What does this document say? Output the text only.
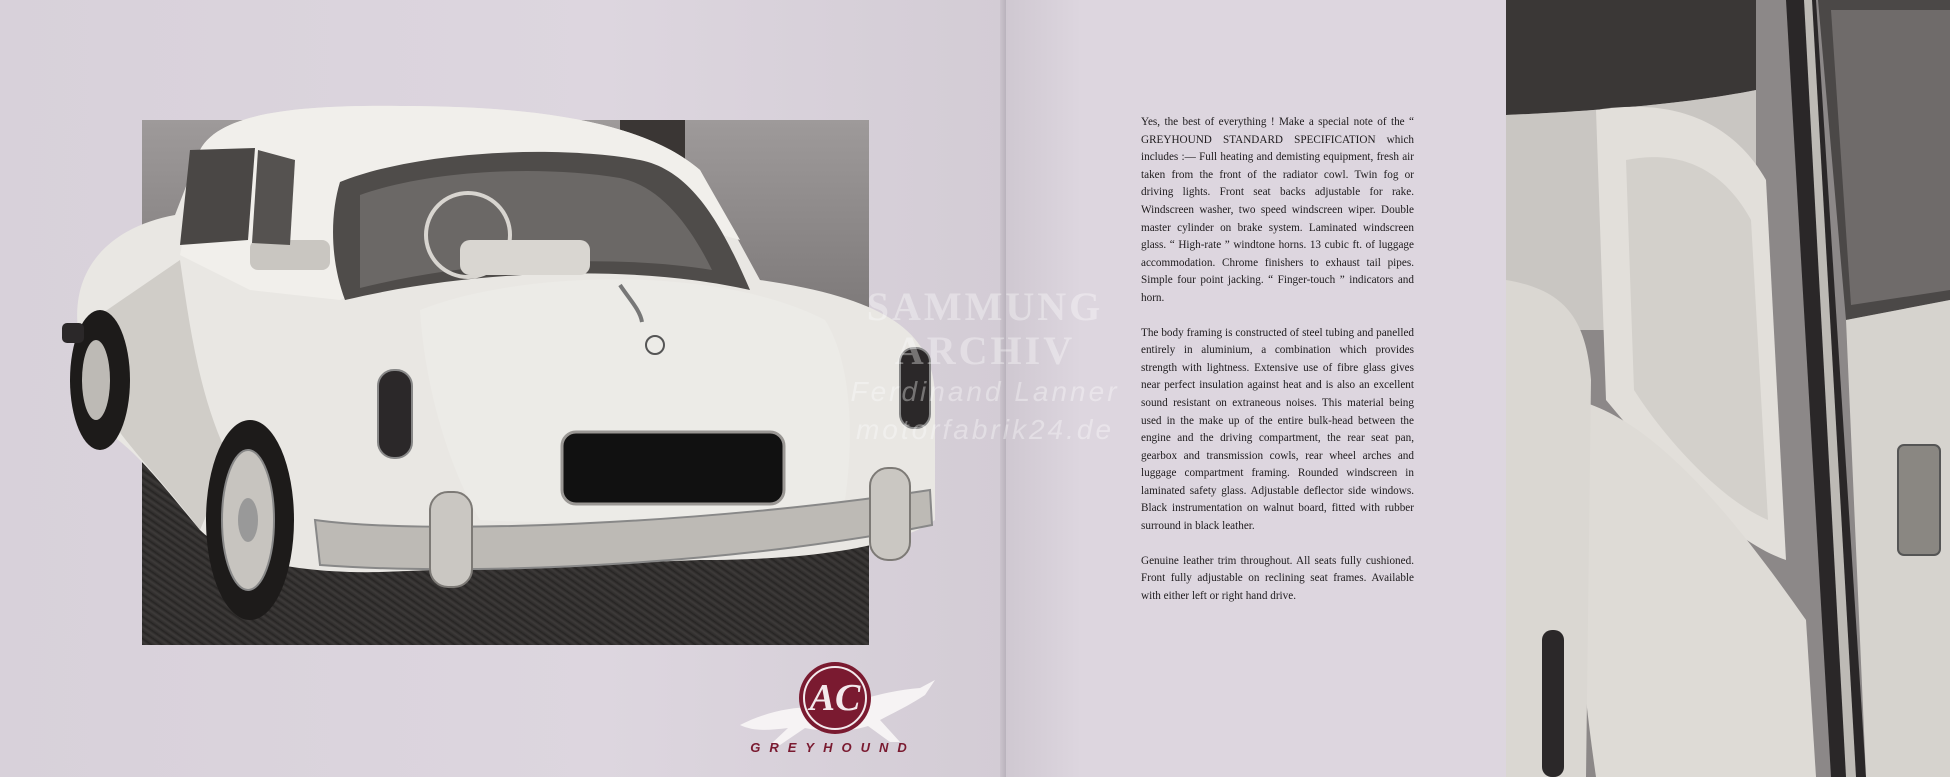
AC
GREYHOUND

Yes, the best of everything ! Make a special note of the “ GREYHOUND STANDARD SPECIFICATION which includes :— Full heating and demisting equipment, fresh air taken from the front of the radiator cowl. Twin fog or driving lights. Front seat backs adjustable for rake. Windscreen washer, two speed windscreen wiper. Double master cylinder on brake system. Laminated windscreen glass. “ High-rate ” windtone horns. 13 cubic ft. of luggage accommodation. Chrome finishers to exhaust tail pipes. Simple four point jacking. “ Finger-touch ” indicators and horn.

The body framing is constructed of steel tubing and panelled entirely in aluminium, a combination which provides strength with lightness. Extensive use of fibre glass gives near perfect insulation against heat and is also an excellent sound resistant on extraneous noises. This material being used in the make up of the entire bulk-head between the engine and the driving compartment, the rear seat pan, gearbox and transmission cowls, rear wheel arches and luggage compartment framing. Rounded windscreen in laminated safety glass. Adjustable deflector side windows. Black instrumentation on walnut board, fitted with rubber surround in black leather.

Genuine leather trim throughout. All seats fully cushioned. Front fully adjustable on reclining seat frames. Available with either left or right hand drive.

SAMMUNG
ARCHIV
Ferdinand Lanner
motorfabrik24.de
